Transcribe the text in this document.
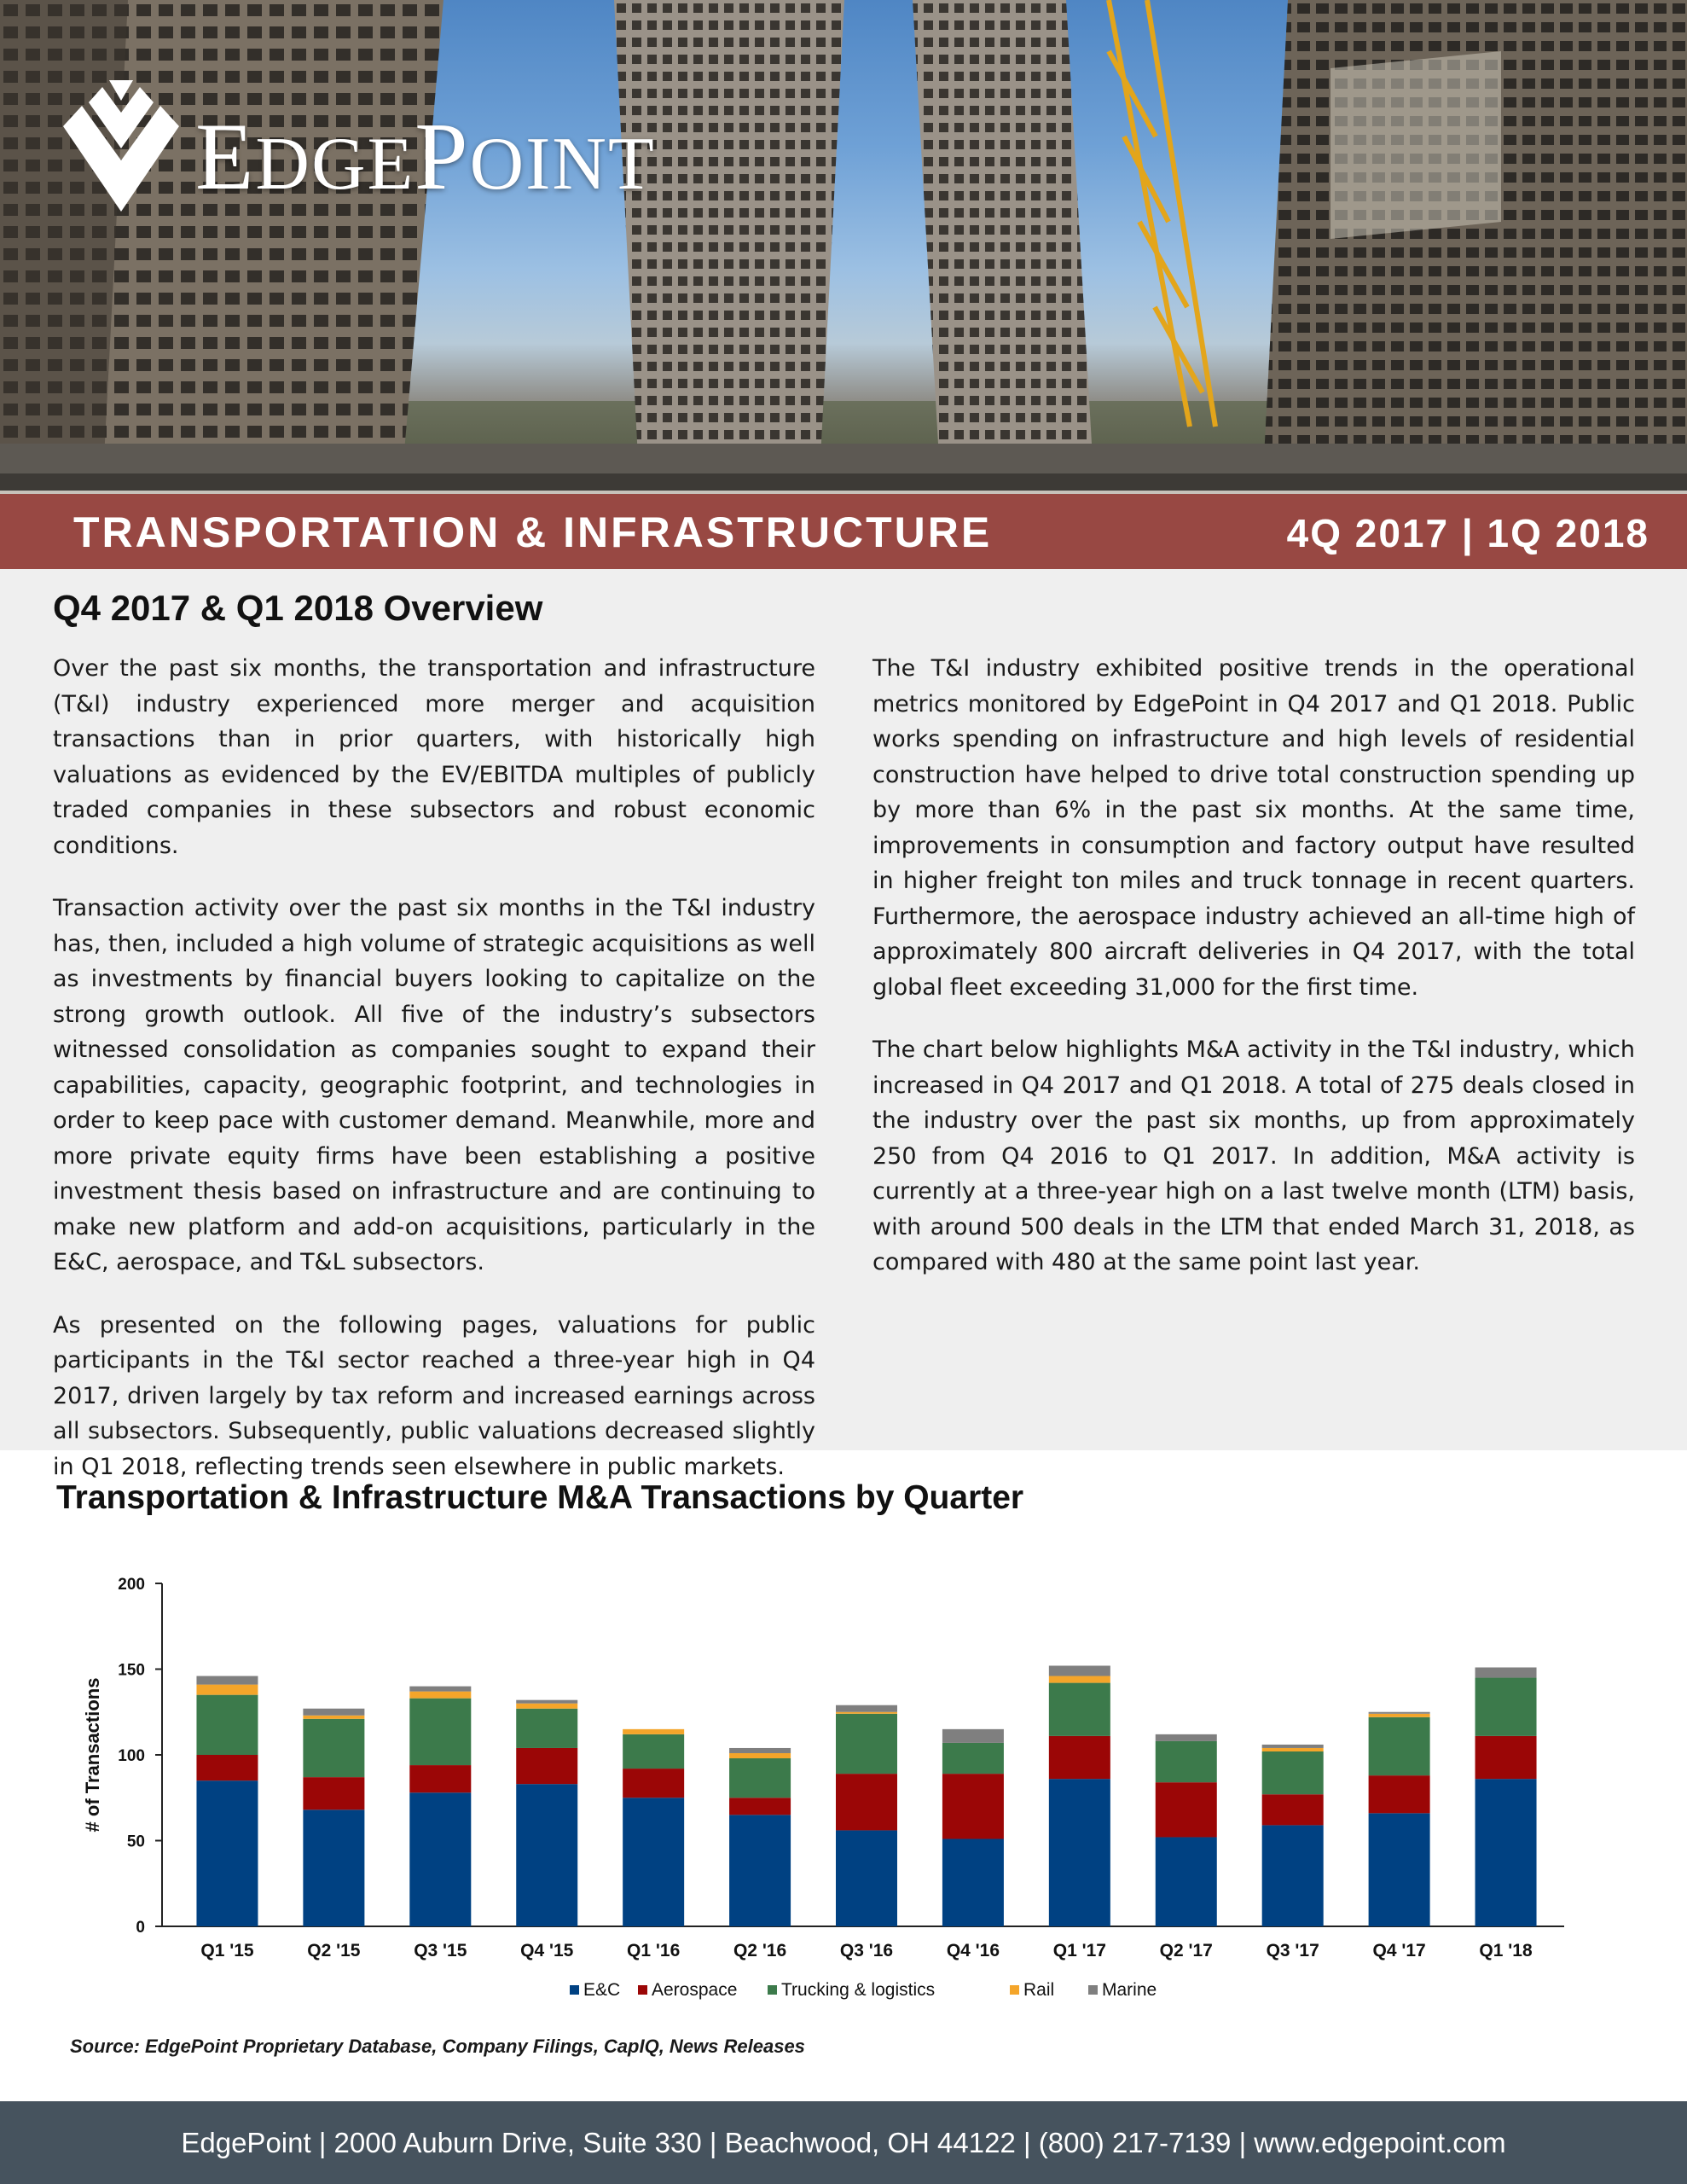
EDGEPOINT
TRANSPORTATION & INFRASTRUCTURE	4Q 2017 | 1Q 2018
Q4 2017 & Q1 2018 Overview

Over the past six months, the transportation and infrastructure (T&I) industry experienced more merger and acquisition transactions than in prior quarters, with historically high valuations as evidenced by the EV/EBITDA multiples of publicly traded companies in these subsectors and robust economic conditions.

Transaction activity over the past six months in the T&I industry has, then, included a high volume of strategic acquisitions as well as investments by financial buyers looking to capitalize on the strong growth outlook. All five of the industry’s subsectors witnessed consolidation as companies sought to expand their capabilities, capacity, geographic footprint, and technologies in order to keep pace with customer demand. Meanwhile, more and more private equity firms have been establishing a positive investment thesis based on infrastructure and are continuing to make new platform and add-on acquisitions, particularly in the E&C, aerospace, and T&L subsectors.

As presented on the following pages, valuations for public participants in the T&I sector reached a three-year high in Q4 2017, driven largely by tax reform and increased earnings across all subsectors. Subsequently, public valuations decreased slightly in Q1 2018, reflecting trends seen elsewhere in public markets.

The T&I industry exhibited positive trends in the operational metrics monitored by EdgePoint in Q4 2017 and Q1 2018. Public works spending on infrastructure and high levels of residential construction have helped to drive total construction spending up by more than 6% in the past six months. At the same time, improvements in consumption and factory output have resulted in higher freight ton miles and truck tonnage in recent quarters. Furthermore, the aerospace industry achieved an all-time high of approximately 800 aircraft deliveries in Q4 2017, with the total global fleet exceeding 31,000 for the first time.

The chart below highlights M&A activity in the T&I industry, which increased in Q4 2017 and Q1 2018. A total of 275 deals closed in the industry over the past six months, up from approximately 250 from Q4 2016 to Q1 2017. In addition, M&A activity is currently at a three-year high on a last twelve month (LTM) basis, with around 500 deals in the LTM that ended March 31, 2018, as compared with 480 at the same point last year.

Transportation & Infrastructure M&A Transactions by Quarter
0
50
100
150
200
# of Transactions
Q1 '15	Q2 '15	Q3 '15	Q4 '15	Q1 '16	Q2 '16	Q3 '16	Q4 '16	Q1 '17	Q2 '17	Q3 '17	Q4 '17	Q1 '18
E&C Aerospace Trucking & logistics	Rail	Marine
Source: EdgePoint Proprietary Database, Company Filings, CapIQ, News Releases
EdgePoint | 2000 Auburn Drive, Suite 330 | Beachwood, OH 44122 | (800) 217-7139 | www.edgepoint.com
